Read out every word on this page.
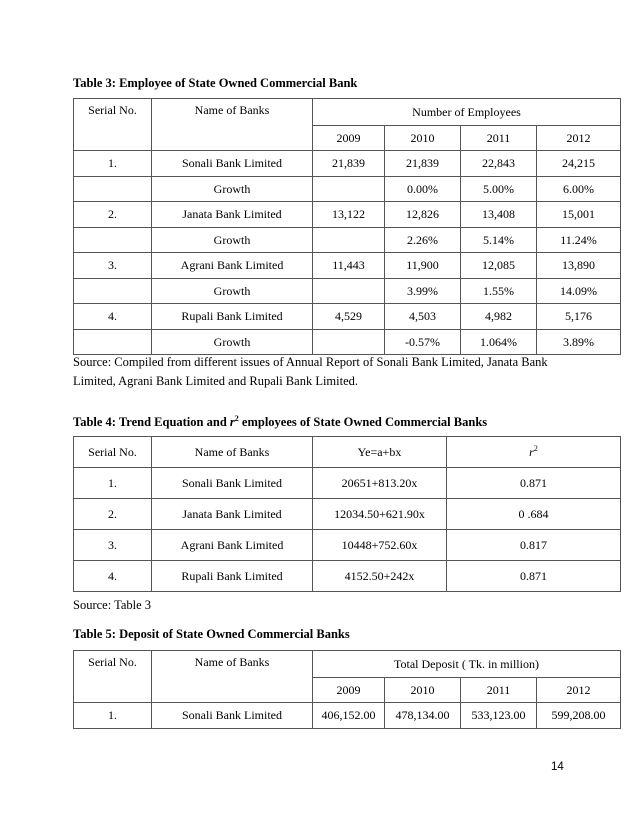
Table 3: Employee of State Owned Commercial Bank
Serial No.	Name of Banks	Number of Employees			
		2009	2010	2011	2012
1.	Sonali Bank Limited	21,839	21,839	22,843	24,215
	Growth		0.00%	5.00%	6.00%
2.	Janata Bank Limited	13,122	12,826	13,408	15,001
	Growth		2.26%	5.14%	11.24%
3.	Agrani Bank Limited	11,443	11,900	12,085	13,890
	Growth		3.99%	1.55%	14.09%
4.	Rupali Bank Limited	4,529	4,503	4,982	5,176
	Growth		-0.57%	1.064%	3.89%
Source: Compiled from different issues of Annual Report of Sonali Bank Limited, Janata Bank
Limited, Agrani Bank Limited and Rupali Bank Limited.
Table 4: Trend Equation and $r^2$ employees of State Owned Commercial Banks
Serial No.	Name of Banks	Ye=a+bx	$r^2$
1.	Sonali Bank Limited	20651+813.20x	0.871
2.	Janata Bank Limited	12034.50+621.90x	0 .684
3.	Agrani Bank Limited	10448+752.60x	0.817
4.	Rupali Bank Limited	4152.50+242x	0.871
Source: Table 3
Table 5: Deposit of State Owned Commercial Banks
Serial No.	Name of Banks	Total Deposit ( Tk. in million)			
		2009	2010	2011	2012
1.	Sonali Bank Limited	406,152.00	478,134.00	533,123.00	599,208.00
14
